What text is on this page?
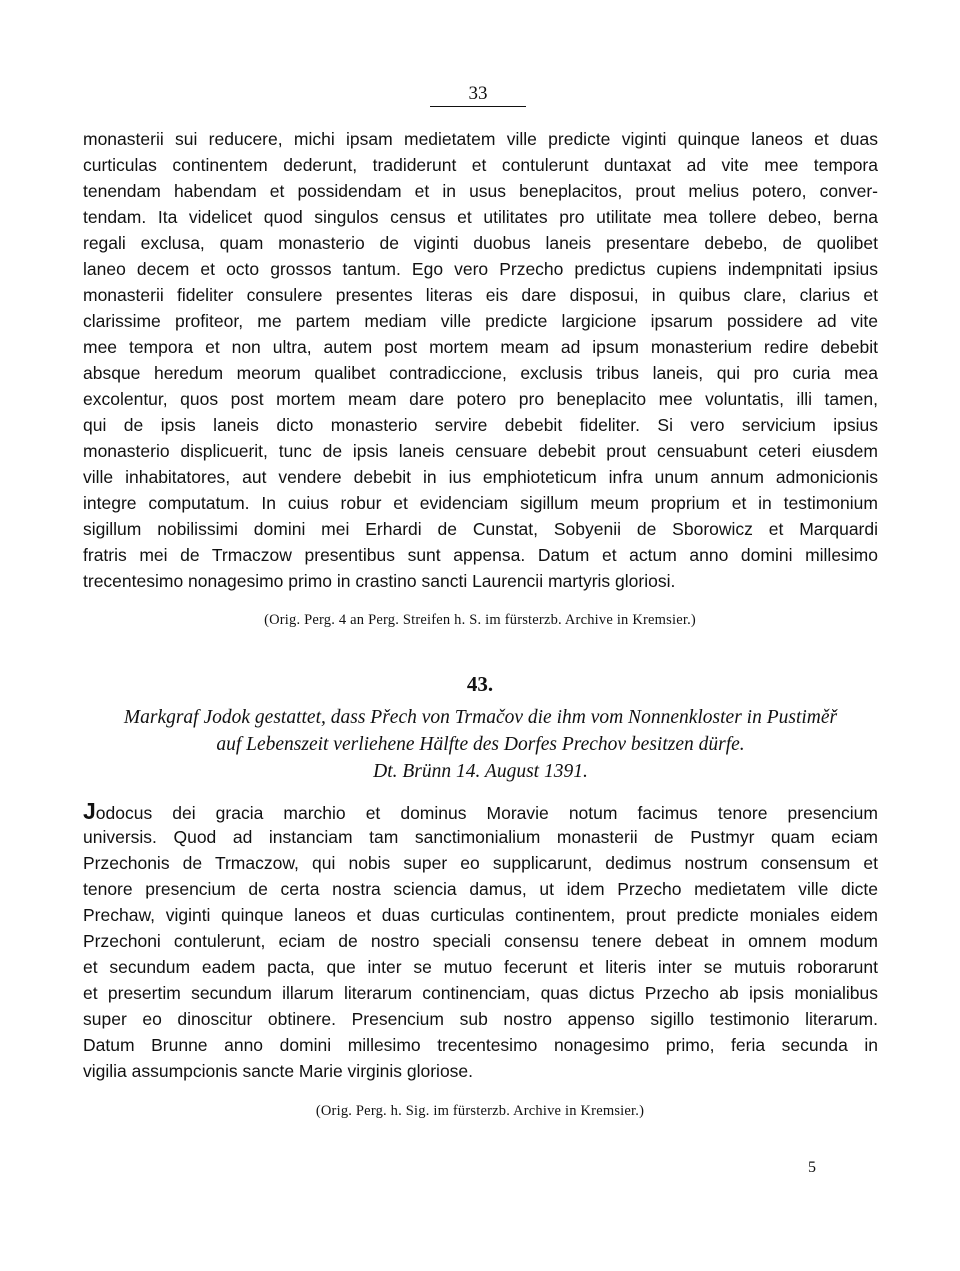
33
monasterii sui reducere, michi ipsam medietatem ville predicte viginti quinque laneos et duas
curticulas continentem dederunt, tradiderunt et contulerunt duntaxat ad vite mee tempora
tenendam habendam et possidendam et in usus beneplacitos, prout melius potero, conver-
tendam. Ita videlicet quod singulos census et utilitates pro utilitate mea tollere debeo, berna
regali exclusa, quam monasterio de viginti duobus laneis presentare debebo, de quolibet
laneo decem et octo grossos tantum. Ego vero Przecho predictus cupiens indempnitati ipsius
monasterii fideliter consulere presentes literas eis dare disposui, in quibus clare, clarius et
clarissime profiteor, me partem mediam ville predicte largicione ipsarum possidere ad vite
mee tempora et non ultra, autem post mortem meam ad ipsum monasterium redire debebit
absque heredum meorum qualibet contradiccione, exclusis tribus laneis, qui pro curia mea
excolentur, quos post mortem meam dare potero pro beneplacito mee voluntatis, illi tamen,
qui de ipsis laneis dicto monasterio servire debebit fideliter. Si vero servicium ipsius
monasterio displicuerit, tunc de ipsis laneis censuare debebit prout censuabunt ceteri eiusdem
ville inhabitatores, aut vendere debebit in ius emphioteticum infra unum annum admonicionis
integre computatum. In cuius robur et evidenciam sigillum meum proprium et in testimonium
sigillum nobilissimi domini mei Erhardi de Cunstat, Sobyenii de Sborowicz et Marquardi
fratris mei de Trmaczow presentibus sunt appensa. Datum et actum anno domini millesimo
trecentesimo nonagesimo primo in crastino sancti Laurencii martyris gloriosi.
(Orig. Perg. 4 an Perg. Streifen h. S. im fürsterzb. Archive in Kremsier.)
43.
Markgraf Jodok gestattet, dass Přech von Trmačov die ihm vom Nonnenkloster in Pustiměř
auf Lebenszeit verliehene Hälfte des Dorfes Prechov besitzen dürfe.
Dt. Brünn 14. August 1391.
Jodocus dei gracia marchio et dominus Moravie notum facimus tenore presencium
universis. Quod ad instanciam tam sanctimonialium monasterii de Pustmyr quam eciam
Przechonis de Trmaczow, qui nobis super eo supplicarunt, dedimus nostrum consensum et
tenore presencium de certa nostra sciencia damus, ut idem Przecho medietatem ville dicte
Prechaw, viginti quinque laneos et duas curticulas continentem, prout predicte moniales eidem
Przechoni contulerunt, eciam de nostro speciali consensu tenere debeat in omnem modum
et secundum eadem pacta, que inter se mutuo fecerunt et literis inter se mutuis roborarunt
et presertim secundum illarum literarum continenciam, quas dictus Przecho ab ipsis monialibus
super eo dinoscitur obtinere. Presencium sub nostro appenso sigillo testimonio literarum.
Datum Brunne anno domini millesimo trecentesimo nonagesimo primo, feria secunda in
vigilia assumpcionis sancte Marie virginis gloriose.
(Orig. Perg. h. Sig. im fürsterzb. Archive in Kremsier.)
5
